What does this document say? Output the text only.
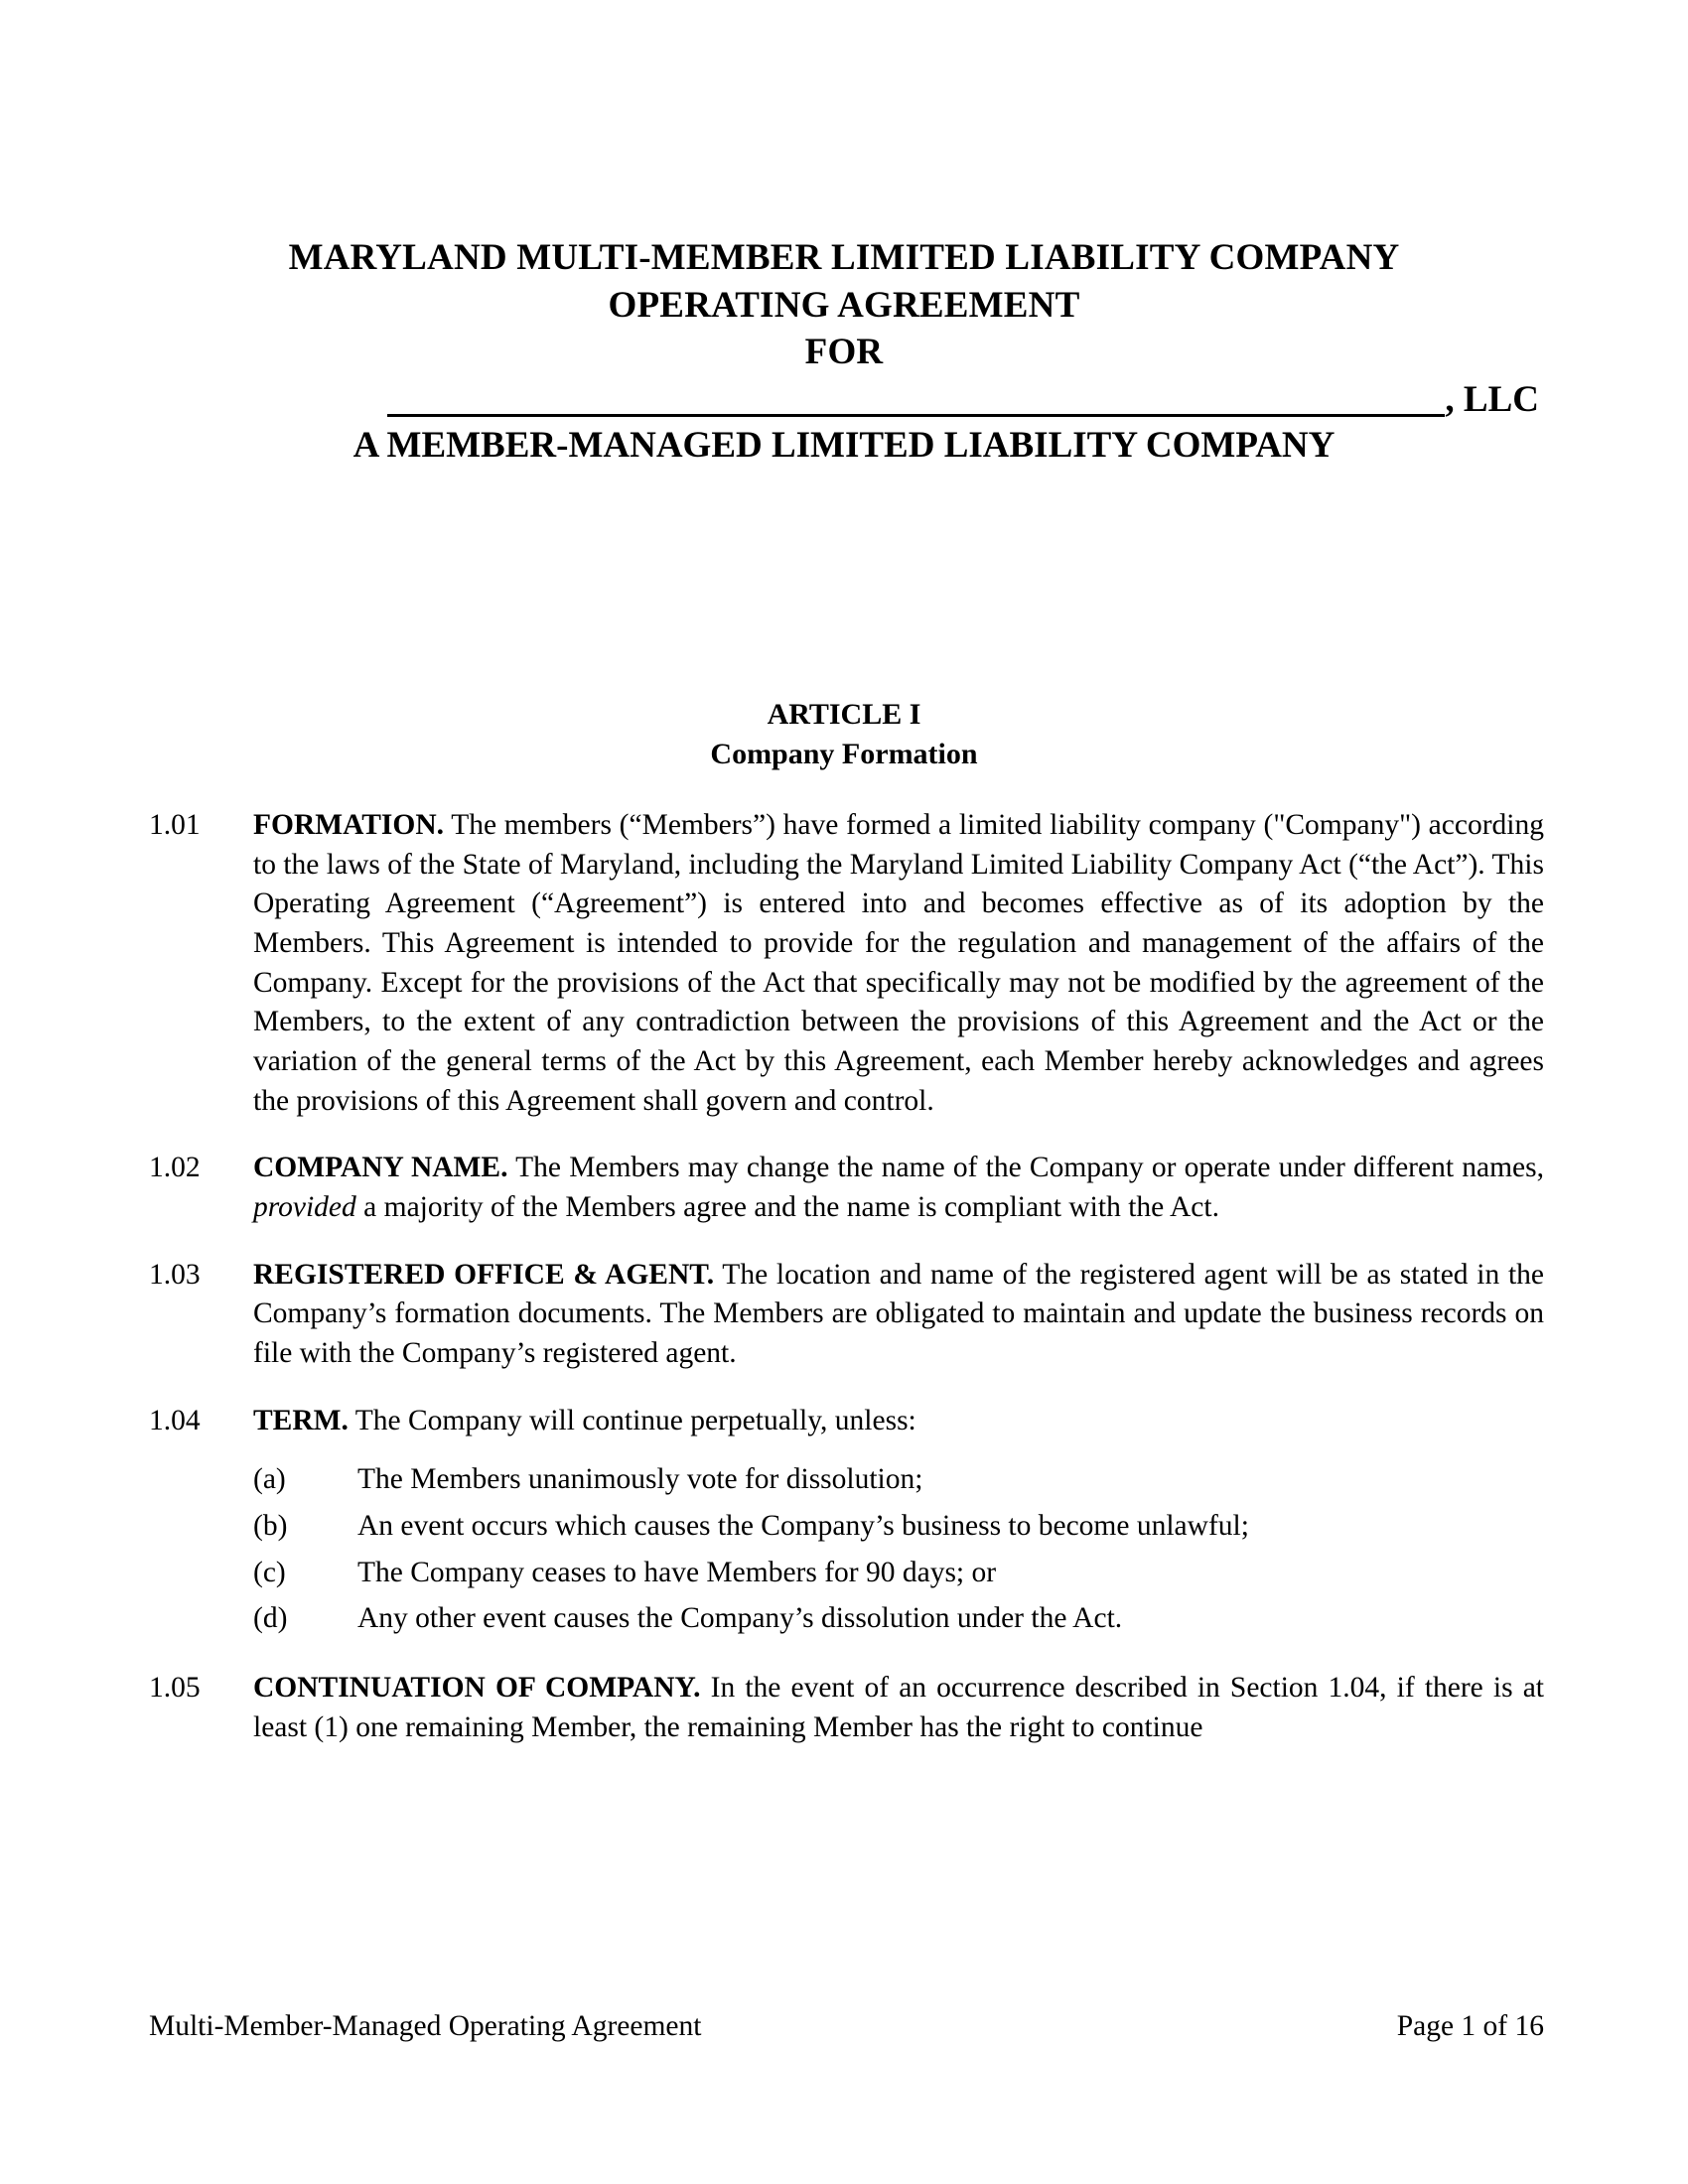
MARYLAND MULTI-MEMBER LIMITED LIABILITY COMPANY
OPERATING AGREEMENT
FOR
, LLC
A MEMBER-MANAGED LIMITED LIABILITY COMPANY
ARTICLE I
Company Formation
1.01	FORMATION. The members (“Members”) have formed a limited liability company ("Company") according to the laws of the State of Maryland, including the Maryland Limited Liability Company Act (“the Act”). This Operating Agreement (“Agreement”) is entered into and becomes effective as of its adoption by the Members. This Agreement is intended to provide for the regulation and management of the affairs of the Company. Except for the provisions of the Act that specifically may not be modified by the agreement of the Members, to the extent of any contradiction between the provisions of this Agreement and the Act or the variation of the general terms of the Act by this Agreement, each Member hereby acknowledges and agrees the provisions of this Agreement shall govern and control.
1.02	COMPANY NAME. The Members may change the name of the Company or operate under different names, provided a majority of the Members agree and the name is compliant with the Act.
1.03	REGISTERED OFFICE & AGENT. The location and name of the registered agent will be as stated in the Company’s formation documents. The Members are obligated to maintain and update the business records on file with the Company’s registered agent.
1.04	TERM. The Company will continue perpetually, unless:
(a)	The Members unanimously vote for dissolution;
(b)	An event occurs which causes the Company’s business to become unlawful;
(c)	The Company ceases to have Members for 90 days; or
(d)	Any other event causes the Company’s dissolution under the Act.
1.05	CONTINUATION OF COMPANY. In the event of an occurrence described in Section 1.04, if there is at least (1) one remaining Member, the remaining Member has the right to continue
Multi-Member-Managed Operating Agreement	Page 1 of 16
